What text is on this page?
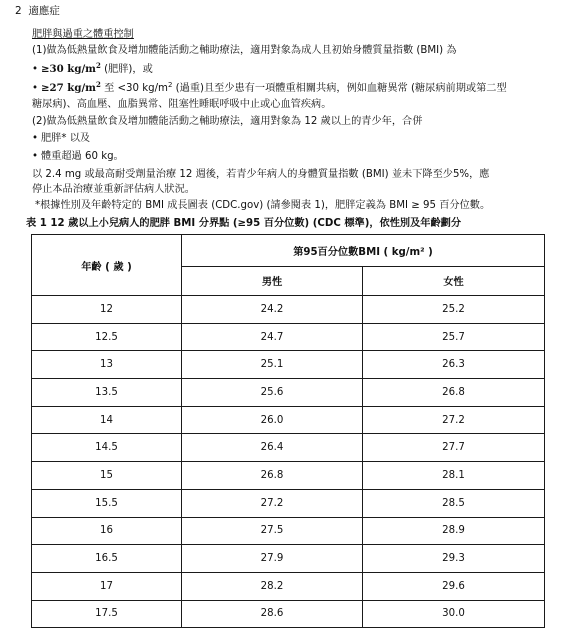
2 適應症
肥胖與過重之體重控制
(1)做為低熱量飲食及增加體能活動之輔助療法，適用對象為成人且初始身體質量指數 (BMI) 為
• ≥30 $kg/m^2$ (肥胖)，或
• ≥27 $kg/m^2$ 至 <30 $kg/m^2$ (過重)且至少患有一項體重相關共病，例如血糖異常 (糖尿病前期或第二型
糖尿病)、高血壓、血脂異常、阻塞性睡眠呼吸中止或心血管疾病。
(2)做為低熱量飲食及增加體能活動之輔助療法，適用對象為 12 歲以上的青少年，合併
• 肥胖* 以及
• 體重超過 60 kg。
以 2.4 mg 或最高耐受劑量治療 12 週後，若青少年病人的身體質量指數 (BMI) 並未下降至少5%，應
停止本品治療並重新評估病人狀況。
*根據性別及年齡特定的 BMI 成長圖表 (CDC.gov) (請參閱表 1)，肥胖定義為 BMI ≥ 95 百分位數。
表 1 12 歲以上小兒病人的肥胖 BMI 分界點 (≥95 百分位數) (CDC 標準)，依性別及年齡劃分
年齡 ( 歲 )	第95百分位數BMI ( kg/m² )	
	男性	女性
12	24.2	25.2
12.5	24.7	25.7
13	25.1	26.3
13.5	25.6	26.8
14	26.0	27.2
14.5	26.4	27.7
15	26.8	28.1
15.5	27.2	28.5
16	27.5	28.9
16.5	27.9	29.3
17	28.2	29.6
17.5	28.6	30.0
